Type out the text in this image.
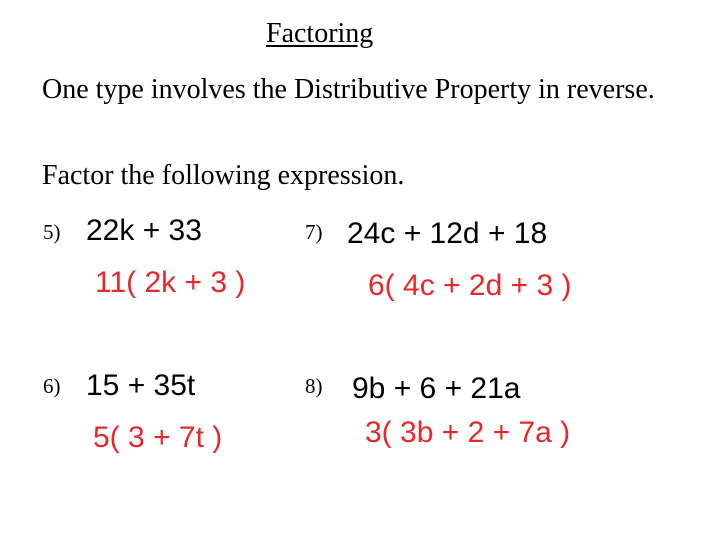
Factoring
One type involves the Distributive Property in reverse.
Factor the following expression.
5) 22k + 33
11( 2k + 3 )
7) 24c + 12d + 18
6( 4c + 2d + 3 )
6) 15 + 35t
5( 3 + 7t )
8) 9b + 6 + 21a
3( 3b + 2 + 7a )
